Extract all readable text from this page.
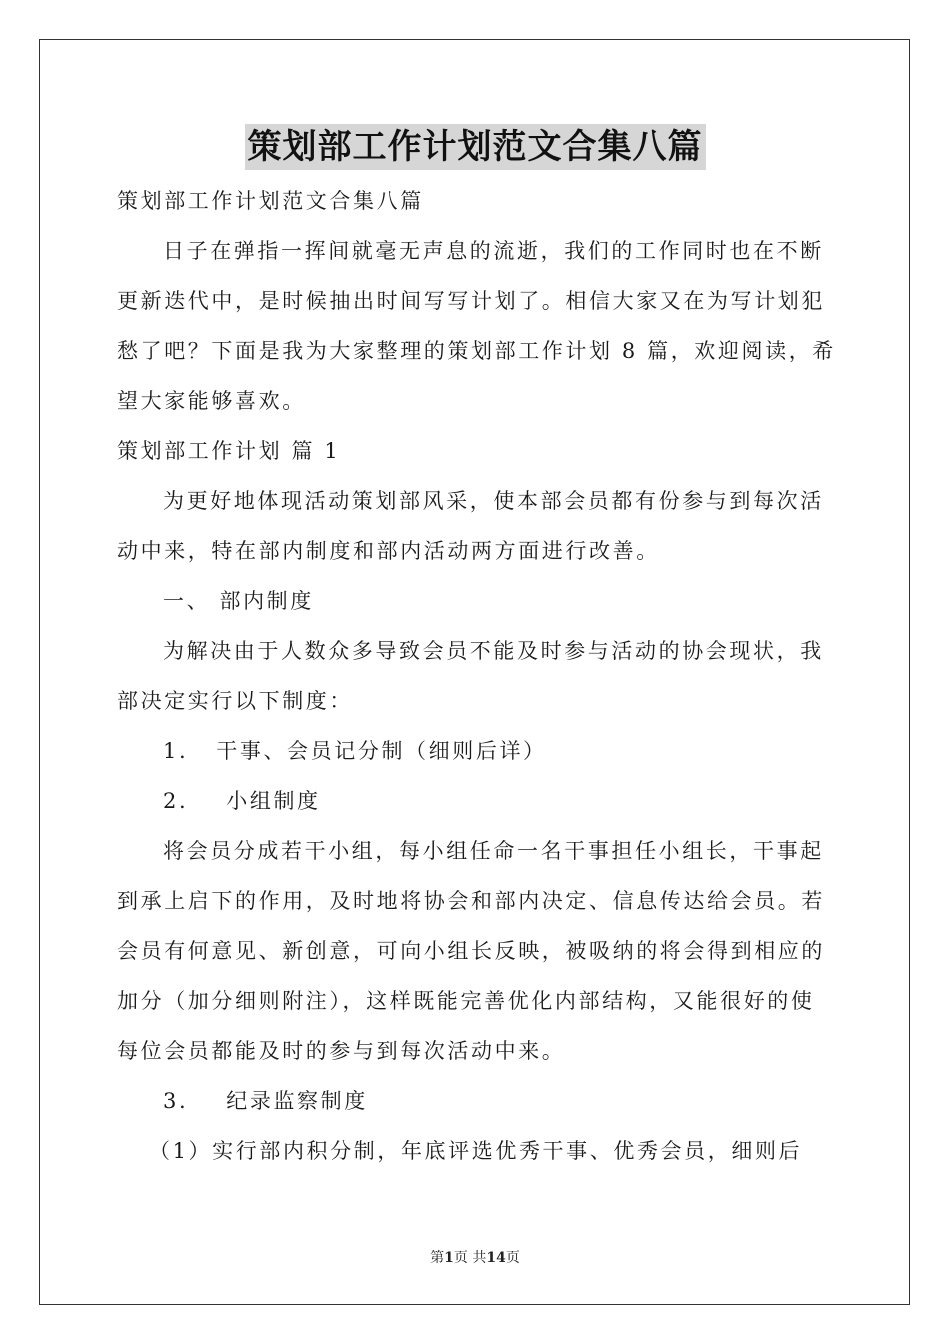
策划部工作计划范文合集八篇

策划部工作计划范文合集八篇

日子在弹指一挥间就毫无声息的流逝，我们的工作同时也在不断

更新迭代中，是时候抽出时间写写计划了。相信大家又在为写计划犯

愁了吧？下面是我为大家整理的策划部工作计划 8 篇，欢迎阅读，希

望大家能够喜欢。

策划部工作计划 篇 1

为更好地体现活动策划部风采，使本部会员都有份参与到每次活

动中来，特在部内制度和部内活动两方面进行改善。

一、 部内制度

为解决由于人数众多导致会员不能及时参与活动的协会现状，我

部决定实行以下制度：

1. 干事、会员记分制（细则后详）

2. 小组制度

将会员分成若干小组，每小组任命一名干事担任小组长，干事起

到承上启下的作用，及时地将协会和部内决定、信息传达给会员。若

会员有何意见、新创意，可向小组长反映，被吸纳的将会得到相应的

加分（加分细则附注），这样既能完善优化内部结构，又能很好的使

每位会员都能及时的参与到每次活动中来。

3. 纪录监察制度

（1）实行部内积分制，年底评选优秀干事、优秀会员，细则后

第1页 共14页
